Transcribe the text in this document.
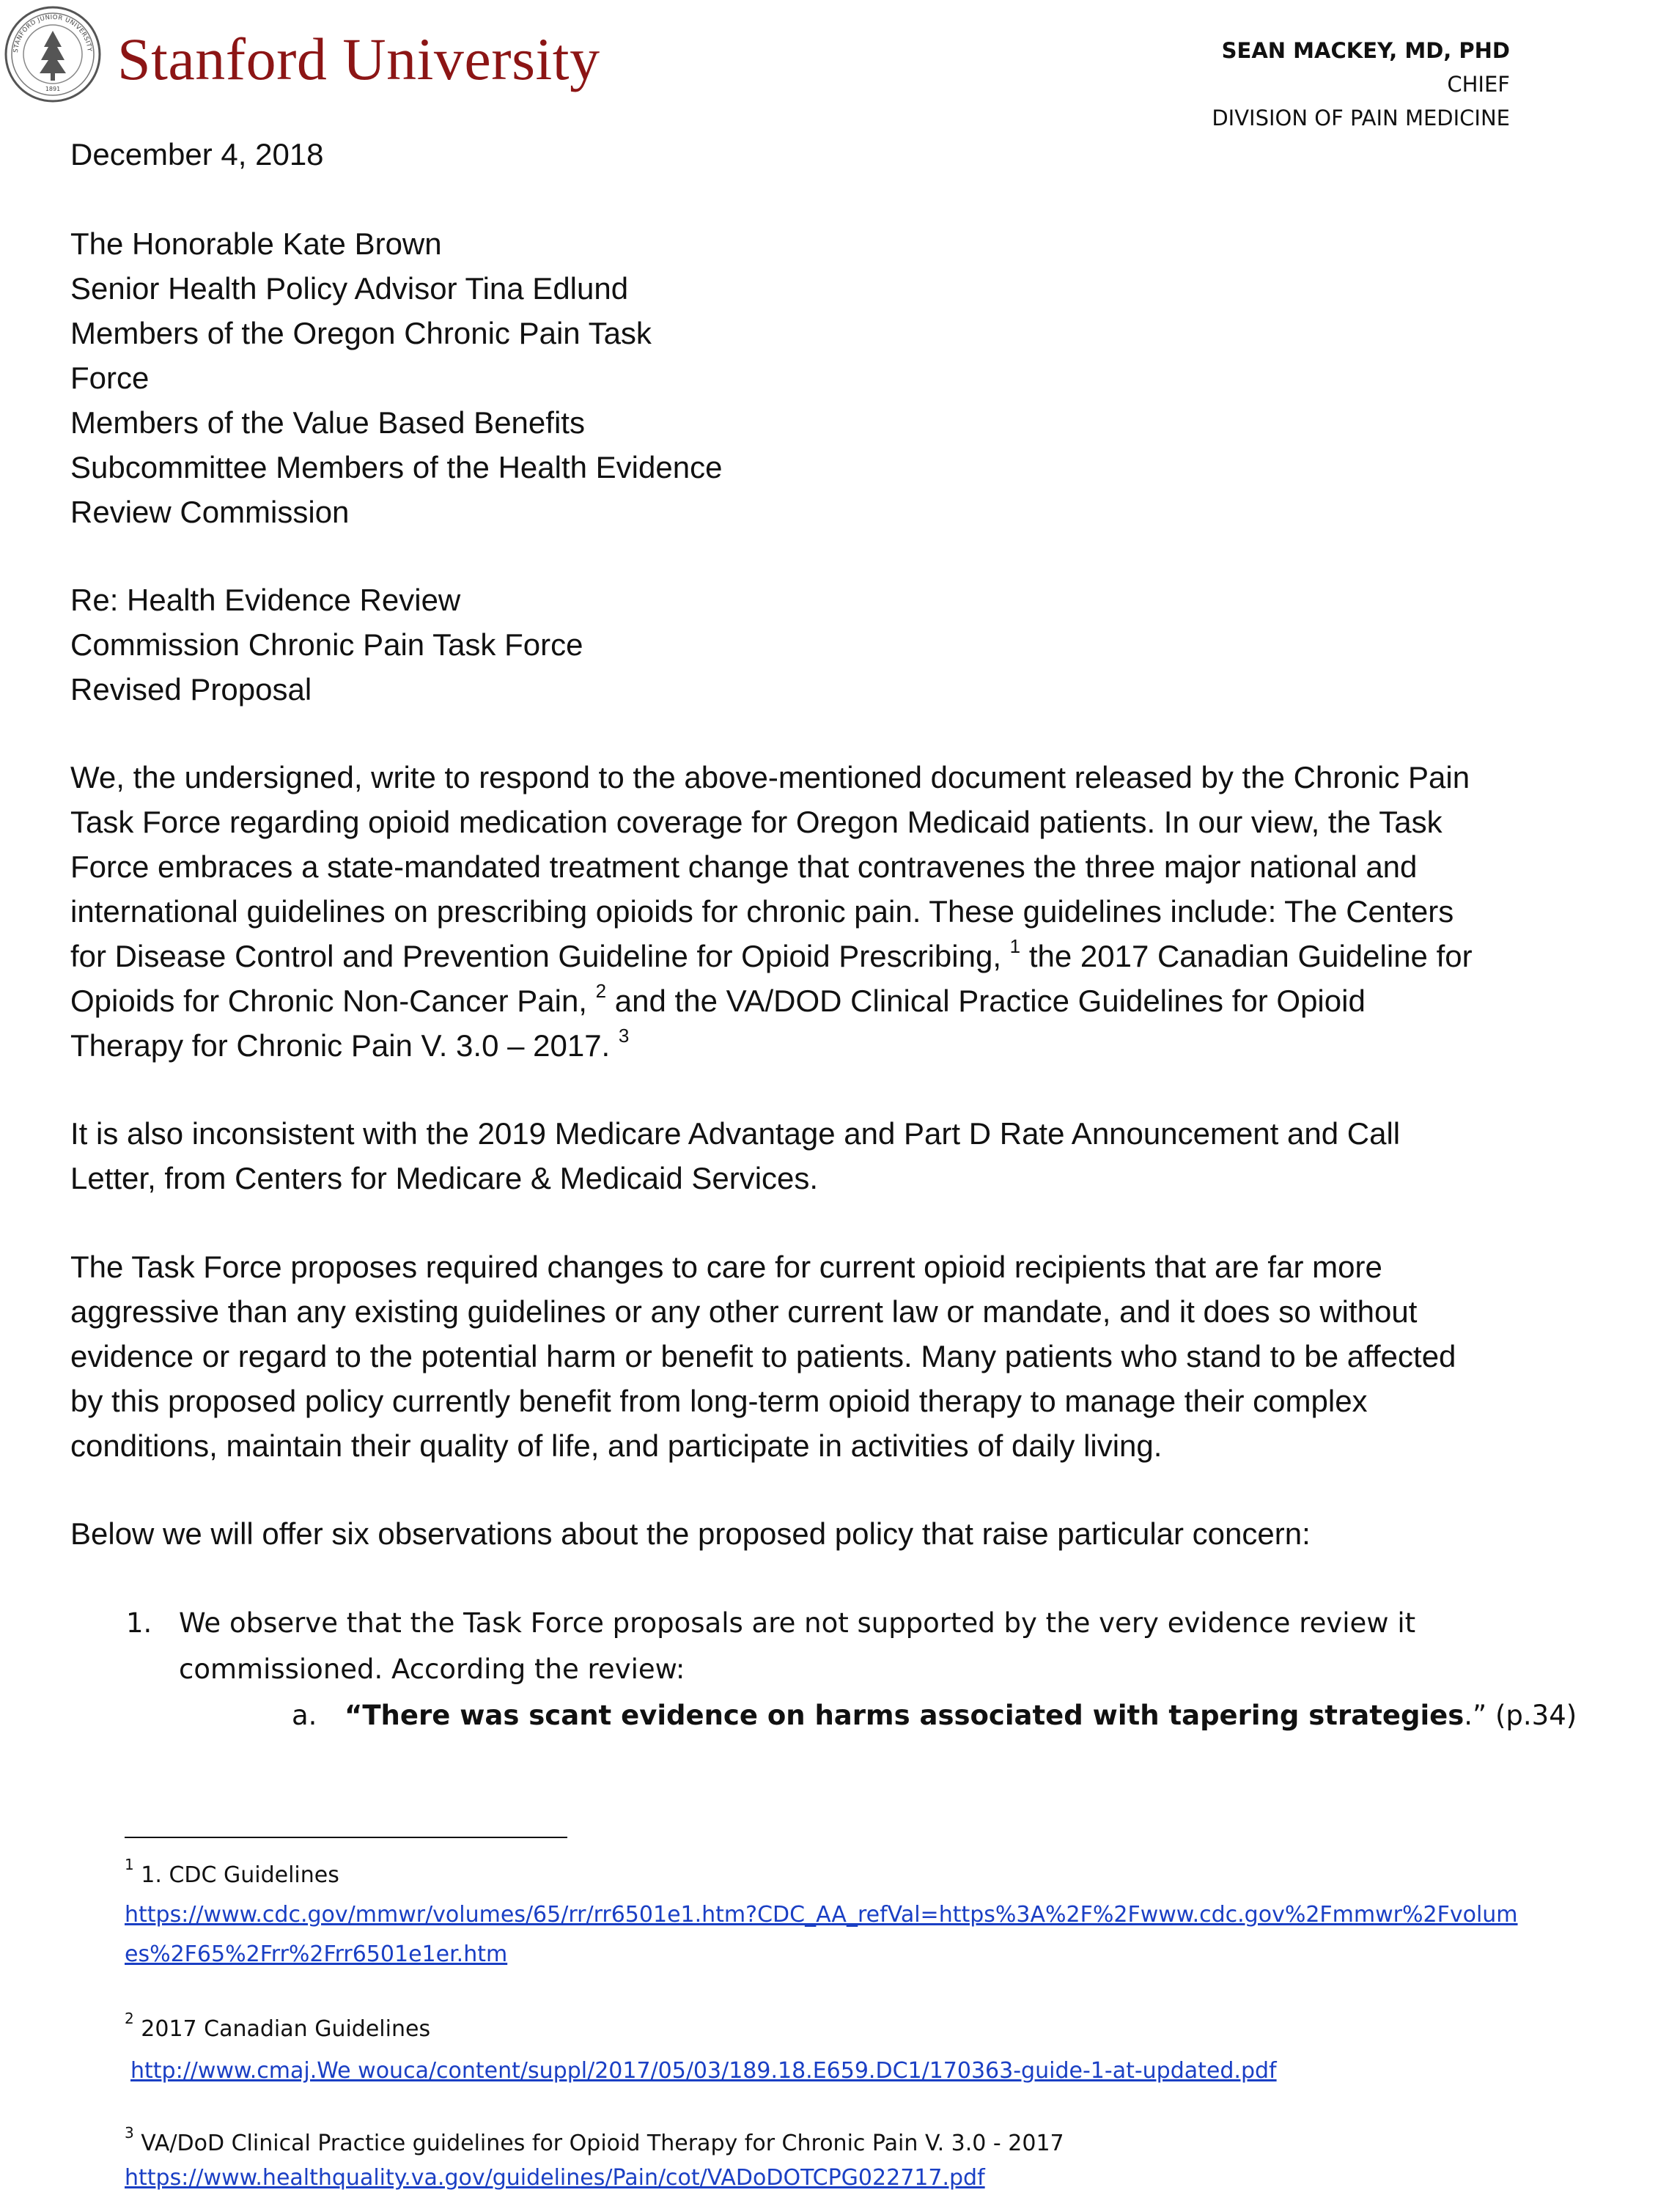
STANFORD JUNIOR UNIVERSITY
1891 Stanford University	SEAN MACKEY, MD, PHD
CHIEF
DIVISION OF PAIN MEDICINE
December 4, 2018
The Honorable Kate Brown
Senior Health Policy Advisor Tina Edlund
Members of the Oregon Chronic Pain Task
Force
Members of the Value Based Benefits
Subcommittee Members of the Health Evidence
Review Commission
Re: Health Evidence Review
Commission Chronic Pain Task Force
Revised Proposal
We, the undersigned, write to respond to the above-mentioned document released by the Chronic Pain
Task Force regarding opioid medication coverage for Oregon Medicaid patients. In our view, the Task
Force embraces a state-mandated treatment change that contravenes the three major national and
international guidelines on prescribing opioids for chronic pain. These guidelines include: The Centers
for Disease Control and Prevention Guideline for Opioid Prescribing, $^1$ the 2017 Canadian Guideline for
Opioids for Chronic Non-Cancer Pain, $^2$ and the VA/DOD Clinical Practice Guidelines for Opioid
Therapy for Chronic Pain V. 3.0 – 2017. $^3$
It is also inconsistent with the 2019 Medicare Advantage and Part D Rate Announcement and Call
Letter, from Centers for Medicare & Medicaid Services.
The Task Force proposes required changes to care for current opioid recipients that are far more
aggressive than any existing guidelines or any other current law or mandate, and it does so without
evidence or regard to the potential harm or benefit to patients. Many patients who stand to be affected
by this proposed policy currently benefit from long-term opioid therapy to manage their complex
conditions, maintain their quality of life, and participate in activities of daily living.
Below we will offer six observations about the proposed policy that raise particular concern:
1. We observe that the Task Force proposals are not supported by the very evidence review it
commissioned. According the review:
a. “There was scant evidence on harms associated with tapering strategies.” (p.34)
$^1$ 1. CDC Guidelines
https://www.cdc.gov/mmwr/volumes/65/rr/rr6501e1.htm?CDC_AA_refVal=https%3A%2F%2Fwww.cdc.gov%2Fmmwr%2Fvolum
es%2F65%2Frr%2Frr6501e1er.htm
$^2$ 2017 Canadian Guidelines
http://www.cmaj.We wouca/content/suppl/2017/05/03/189.18.E659.DC1/170363-guide-1-at-updated.pdf
$^3$ VA/DoD Clinical Practice guidelines for Opioid Therapy for Chronic Pain V. 3.0 - 2017
https://www.healthquality.va.gov/guidelines/Pain/cot/VADoDOTCPG022717.pdf
